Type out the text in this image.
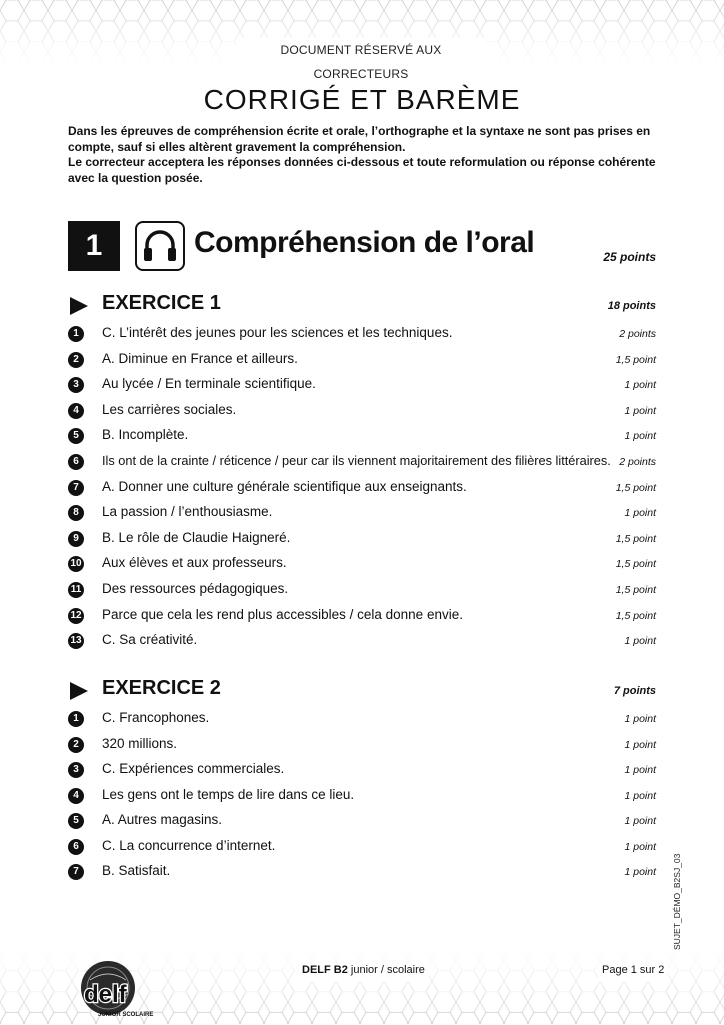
DOCUMENT RÉSERVÉ AUX CORRECTEURS
CORRIGÉ ET BARÈME

Dans les épreuves de compréhension écrite et orale, l’orthographe et la syntaxe ne sont pas prises en compte, sauf si elles altèrent gravement la compréhension.

Le correcteur acceptera les réponses données ci-dessous et toute reformulation ou réponse cohérente avec la question posée.

1	Compréhension de l’oral	25 points
EXERCICE 1	18 points
1	C. L’intérêt des jeunes pour les sciences et les techniques.	2 points
2	A. Diminue en France et ailleurs.	1,5 point
3	Au lycée / En terminale scientifique.	1 point
4	Les carrières sociales.	1 point
5	B. Incomplète.	1 point
6	Ils ont de la crainte / réticence / peur car ils viennent majoritairement des filières littéraires. 2 points
7	A. Donner une culture générale scientifique aux enseignants.	1,5 point
8	La passion / l’enthousiasme.	1 point
9	B. Le rôle de Claudie Haigneré.	1,5 point
10 Aux élèves et aux professeurs.	1,5 point
11 Des ressources pédagogiques.	1,5 point
12 Parce que cela les rend plus accessibles / cela donne envie.	1,5 point
13 C. Sa créativité.	1 point
EXERCICE 2	7 points
1	C. Francophones.	1 point
2	320 millions.	1 point
3	C. Expériences commerciales.	1 point
4	Les gens ont le temps de lire dans ce lieu.	1 point
5	A. Autres magasins.	1 point
6	C. La concurrence d’internet.	1 point
7	B. Satisfait.	1 point SUJET_DÉMO_B2SJ_03
delf
JUNIOR SCOLAIRE
DELF B2 junior / scolaire	Page 1 sur 2
